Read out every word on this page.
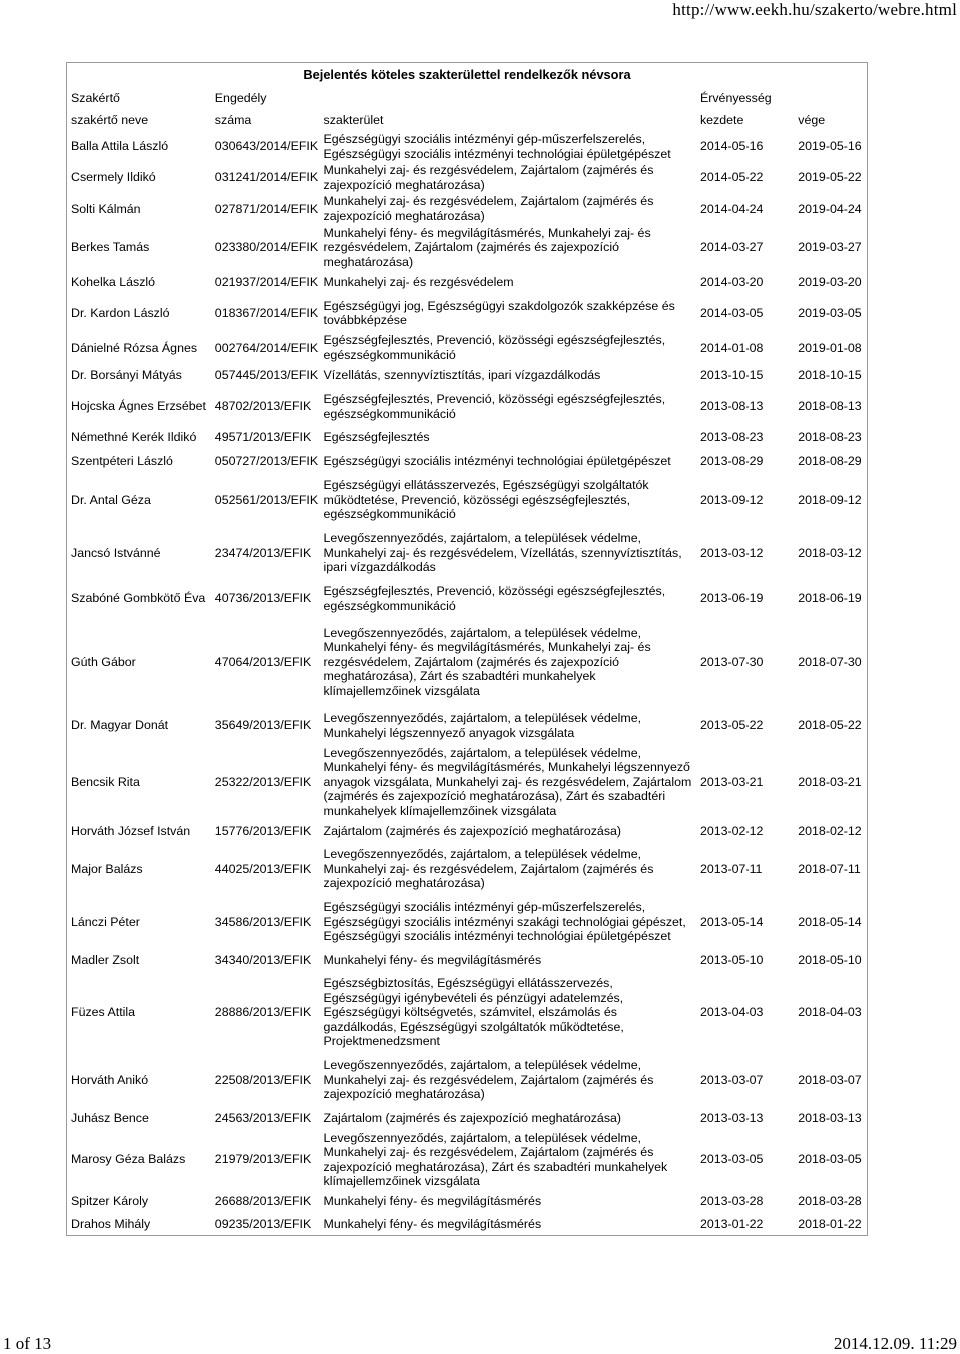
http://www.eekh.hu/szakerto/webre.html
Bejelentés köteles szakterülettel rendelkezők névsora				
Szakértő	Engedély		Érvényesség	
szakértő neve	száma	szakterület	kezdete	vége
Balla Attila László	030643/2014/EFIK	Egészségügyi szociális intézményi gép-műszerfelszerelés, Egészségügyi szociális intézményi technológiai épületgépészet	2014-05-16	2019-05-16
Csermely Ildikó	031241/2014/EFIK	Munkahelyi zaj- és rezgésvédelem, Zajártalom (zajmérés és zajexpozíció meghatározása)	2014-05-22	2019-05-22
Solti Kálmán	027871/2014/EFIK	Munkahelyi zaj- és rezgésvédelem, Zajártalom (zajmérés és zajexpozíció meghatározása)	2014-04-24	2019-04-24
Berkes Tamás	023380/2014/EFIK	Munkahelyi fény- és megvilágításmérés, Munkahelyi zaj- és rezgésvédelem, Zajártalom (zajmérés és zajexpozíció meghatározása)	2014-03-27	2019-03-27
Kohelka László	021937/2014/EFIK	Munkahelyi zaj- és rezgésvédelem	2014-03-20	2019-03-20
Dr. Kardon László	018367/2014/EFIK	Egészségügyi jog, Egészségügyi szakdolgozók szakképzése és továbbképzése	2014-03-05	2019-03-05
Dánielné Rózsa Ágnes	002764/2014/EFIK	Egészségfejlesztés, Prevenció, közösségi egészségfejlesztés, egészségkommunikáció	2014-01-08	2019-01-08
Dr. Borsányi Mátyás	057445/2013/EFIK	Vízellátás, szennyvíztisztítás, ipari vízgazdálkodás	2013-10-15	2018-10-15
Hojcska Ágnes Erzsébet	48702/2013/EFIK	Egészségfejlesztés, Prevenció, közösségi egészségfejlesztés, egészségkommunikáció	2013-08-13	2018-08-13
Némethné Kerék Ildikó	49571/2013/EFIK	Egészségfejlesztés	2013-08-23	2018-08-23
Szentpéteri László	050727/2013/EFIK	Egészségügyi szociális intézményi technológiai épületgépészet	2013-08-29	2018-08-29
Dr. Antal Géza	052561/2013/EFIK	Egészségügyi ellátásszervezés, Egészségügyi szolgáltatók működtetése, Prevenció, közösségi egészségfejlesztés, egészségkommunikáció	2013-09-12	2018-09-12
Jancsó Istvánné	23474/2013/EFIK	Levegőszennyeződés, zajártalom, a települések védelme, Munkahelyi zaj- és rezgésvédelem, Vízellátás, szennyvíztisztítás, ipari vízgazdálkodás	2013-03-12	2018-03-12
Szabóné Gombkötő Éva	40736/2013/EFIK	Egészségfejlesztés, Prevenció, közösségi egészségfejlesztés, egészségkommunikáció	2013-06-19	2018-06-19
Gúth Gábor	47064/2013/EFIK	Levegőszennyeződés, zajártalom, a települések védelme, Munkahelyi fény- és megvilágításmérés, Munkahelyi zaj- és rezgésvédelem, Zajártalom (zajmérés és zajexpozíció meghatározása), Zárt és szabadtéri munkahelyek klímajellemzőinek vizsgálata	2013-07-30	2018-07-30
Dr. Magyar Donát	35649/2013/EFIK	Levegőszennyeződés, zajártalom, a települések védelme, Munkahelyi légszennyező anyagok vizsgálata	2013-05-22	2018-05-22
Bencsik Rita	25322/2013/EFIK	Levegőszennyeződés, zajártalom, a települések védelme, Munkahelyi fény- és megvilágításmérés, Munkahelyi légszennyező anyagok vizsgálata, Munkahelyi zaj- és rezgésvédelem, Zajártalom (zajmérés és zajexpozíció meghatározása), Zárt és szabadtéri munkahelyek klímajellemzőinek vizsgálata	2013-03-21	2018-03-21
Horváth József István	15776/2013/EFIK	Zajártalom (zajmérés és zajexpozíció meghatározása)	2013-02-12	2018-02-12
Major Balázs	44025/2013/EFIK	Levegőszennyeződés, zajártalom, a települések védelme, Munkahelyi zaj- és rezgésvédelem, Zajártalom (zajmérés és zajexpozíció meghatározása)	2013-07-11	2018-07-11
Lánczi Péter	34586/2013/EFIK	Egészségügyi szociális intézményi gép-műszerfelszerelés, Egészségügyi szociális intézményi szakági technológiai gépészet, Egészségügyi szociális intézményi technológiai épületgépészet	2013-05-14	2018-05-14
Madler Zsolt	34340/2013/EFIK	Munkahelyi fény- és megvilágításmérés	2013-05-10	2018-05-10
Füzes Attila	28886/2013/EFIK	Egészségbiztosítás, Egészségügyi ellátásszervezés, Egészségügyi igénybevételi és pénzügyi adatelemzés, Egészségügyi költségvetés, számvitel, elszámolás és gazdálkodás, Egészségügyi szolgáltatók működtetése, Projektmenedzsment	2013-04-03	2018-04-03
Horváth Anikó	22508/2013/EFIK	Levegőszennyeződés, zajártalom, a települések védelme, Munkahelyi zaj- és rezgésvédelem, Zajártalom (zajmérés és zajexpozíció meghatározása)	2013-03-07	2018-03-07
Juhász Bence	24563/2013/EFIK	Zajártalom (zajmérés és zajexpozíció meghatározása)	2013-03-13	2018-03-13
Marosy Géza Balázs	21979/2013/EFIK	Levegőszennyeződés, zajártalom, a települések védelme, Munkahelyi zaj- és rezgésvédelem, Zajártalom (zajmérés és zajexpozíció meghatározása), Zárt és szabadtéri munkahelyek klímajellemzőinek vizsgálata	2013-03-05	2018-03-05
Spitzer Károly	26688/2013/EFIK	Munkahelyi fény- és megvilágításmérés	2013-03-28	2018-03-28
Drahos Mihály	09235/2013/EFIK	Munkahelyi fény- és megvilágításmérés	2013-01-22	2018-01-22
1 of 13	2014.12.09. 11:29
